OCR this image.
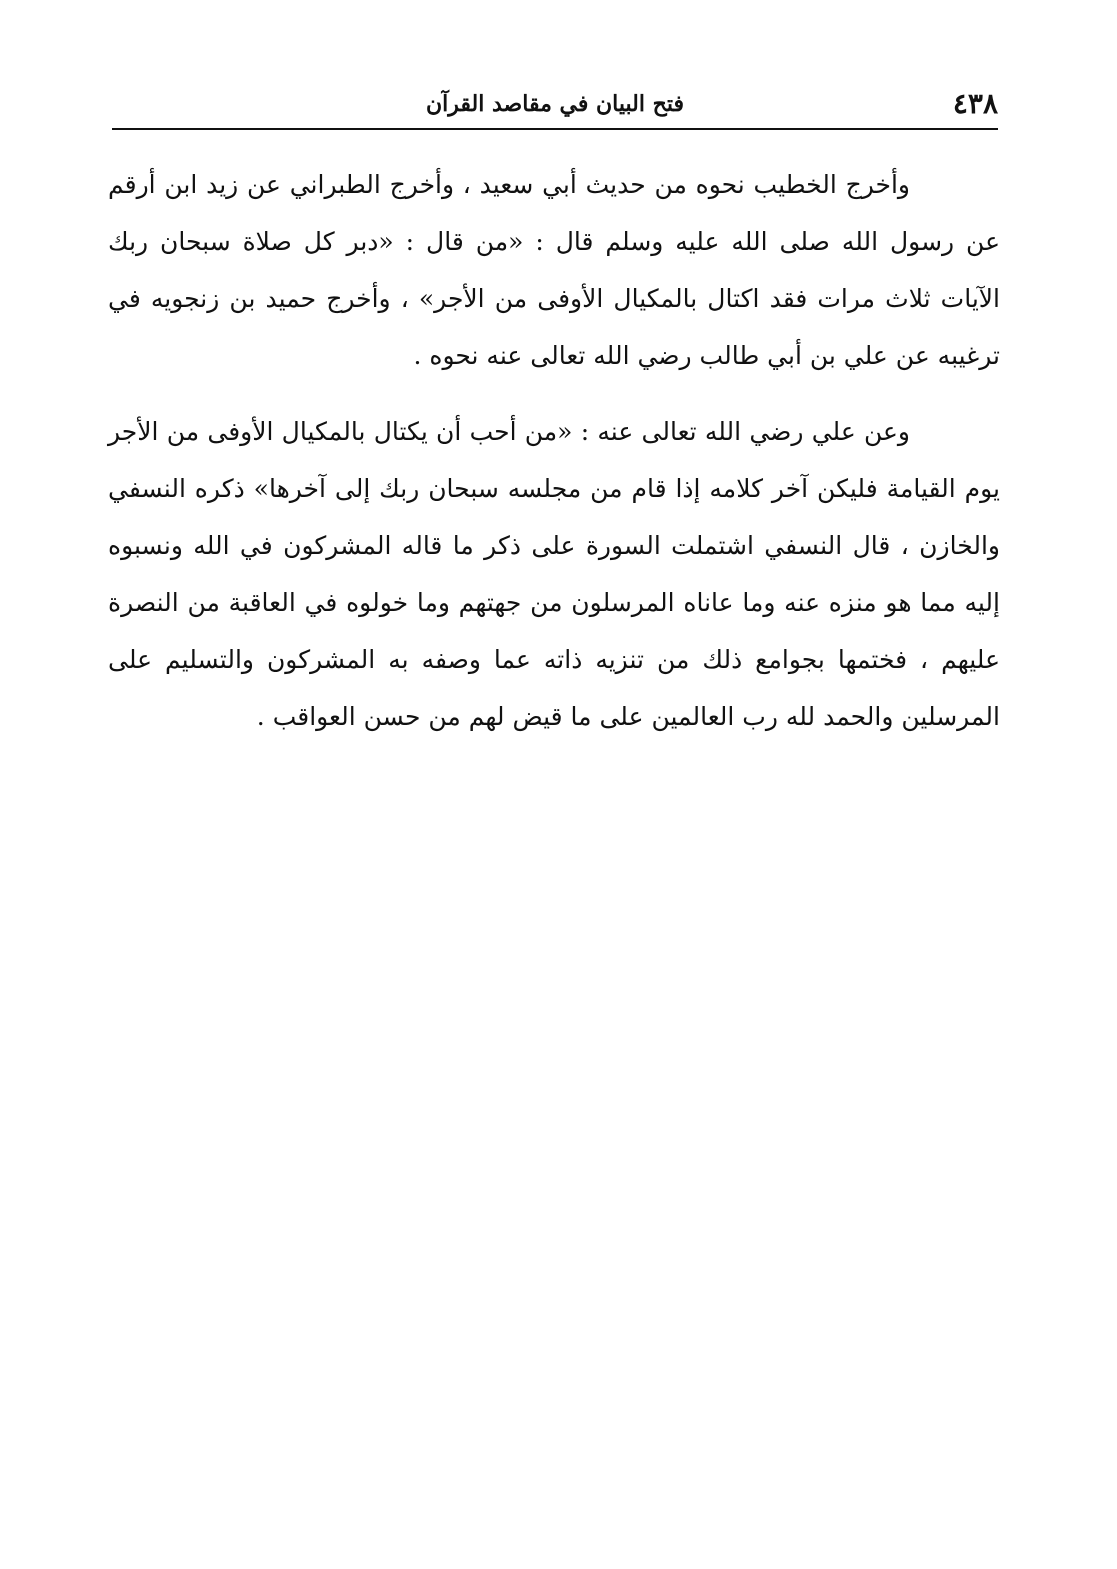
٤٣٨
فتح البيان في مقاصد القرآن

وأخرج الخطيب نحوه من حديث أبي سعيد ، وأخرج الطبراني عن زيد ابن أرقم عن رسول الله صلى الله عليه وسلم قال : «من قال : «دبر كل صلاة سبحان ربك الآيات ثلاث مرات فقد اكتال بالمكيال الأوفى من الأجر» ، وأخرج حميد بن زنجويه في ترغيبه عن علي بن أبي طالب رضي الله تعالى عنه نحوه .

وعن علي رضي الله تعالى عنه : «من أحب أن يكتال بالمكيال الأوفى من الأجر يوم القيامة فليكن آخر كلامه إذا قام من مجلسه سبحان ربك إلى آخرها» ذكره النسفي والخازن ، قال النسفي اشتملت السورة على ذكر ما قاله المشركون في الله ونسبوه إليه مما هو منزه عنه وما عاناه المرسلون من جهتهم وما خولوه في العاقبة من النصرة عليهم ، فختمها بجوامع ذلك من تنزيه ذاته عما وصفه به المشركون والتسليم على المرسلين والحمد لله رب العالمين على ما قيض لهم من حسن العواقب .
